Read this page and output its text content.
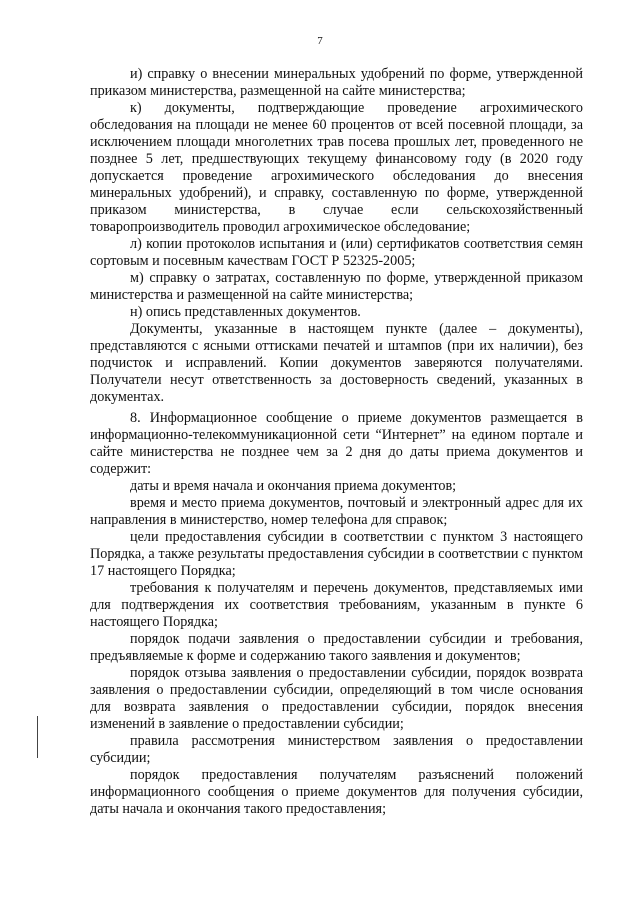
7

и) справку о внесении минеральных удобрений по форме, утвержденной приказом министерства, размещенной на сайте министерства;

к) документы, подтверждающие проведение агрохимического обследования на площади не менее 60 процентов от всей посевной площади, за исключением площади многолетних трав посева прошлых лет, проведенного не позднее 5 лет, предшествующих текущему финансовому году (в 2020 году допускается проведение агрохимического обследования до внесения минеральных удобрений), и справку, составленную по форме, утвержденной приказом министерства, в случае если сельскохозяйственный товаропроизводитель проводил агрохимическое обследование;

л) копии протоколов испытания и (или) сертификатов соответствия семян сортовым и посевным качествам ГОСТ Р 52325-2005;

м) справку о затратах, составленную по форме, утвержденной приказом министерства и размещенной на сайте министерства;

н) опись представленных документов.

Документы, указанные в настоящем пункте (далее – документы), представляются с ясными оттисками печатей и штампов (при их наличии), без подчисток и исправлений. Копии документов заверяются получателями. Получатели несут ответственность за достоверность сведений, указанных в документах.

8. Информационное сообщение о приеме документов размещается в информационно-телекоммуникационной сети “Интернет” на едином портале и сайте министерства не позднее чем за 2 дня до даты приема документов и содержит:

даты и время начала и окончания приема документов;

время и место приема документов, почтовый и электронный адрес для их направления в министерство, номер телефона для справок;

цели предоставления субсидии в соответствии с пунктом 3 настоящего Порядка, а также результаты предоставления субсидии в соответствии с пунктом 17 настоящего Порядка;

требования к получателям и перечень документов, представляемых ими для подтверждения их соответствия требованиям, указанным в пункте 6 настоящего Порядка;

порядок подачи заявления о предоставлении субсидии и требования, предъявляемые к форме и содержанию такого заявления и документов;

порядок отзыва заявления о предоставлении субсидии, порядок возврата заявления о предоставлении субсидии, определяющий в том числе основания для возврата заявления о предоставлении субсидии, порядок внесения изменений в заявление о предоставлении субсидии;

правила рассмотрения министерством заявления о предоставлении субсидии;

порядок предоставления получателям разъяснений положений информационного сообщения о приеме документов для получения субсидии, даты начала и окончания такого предоставления;
